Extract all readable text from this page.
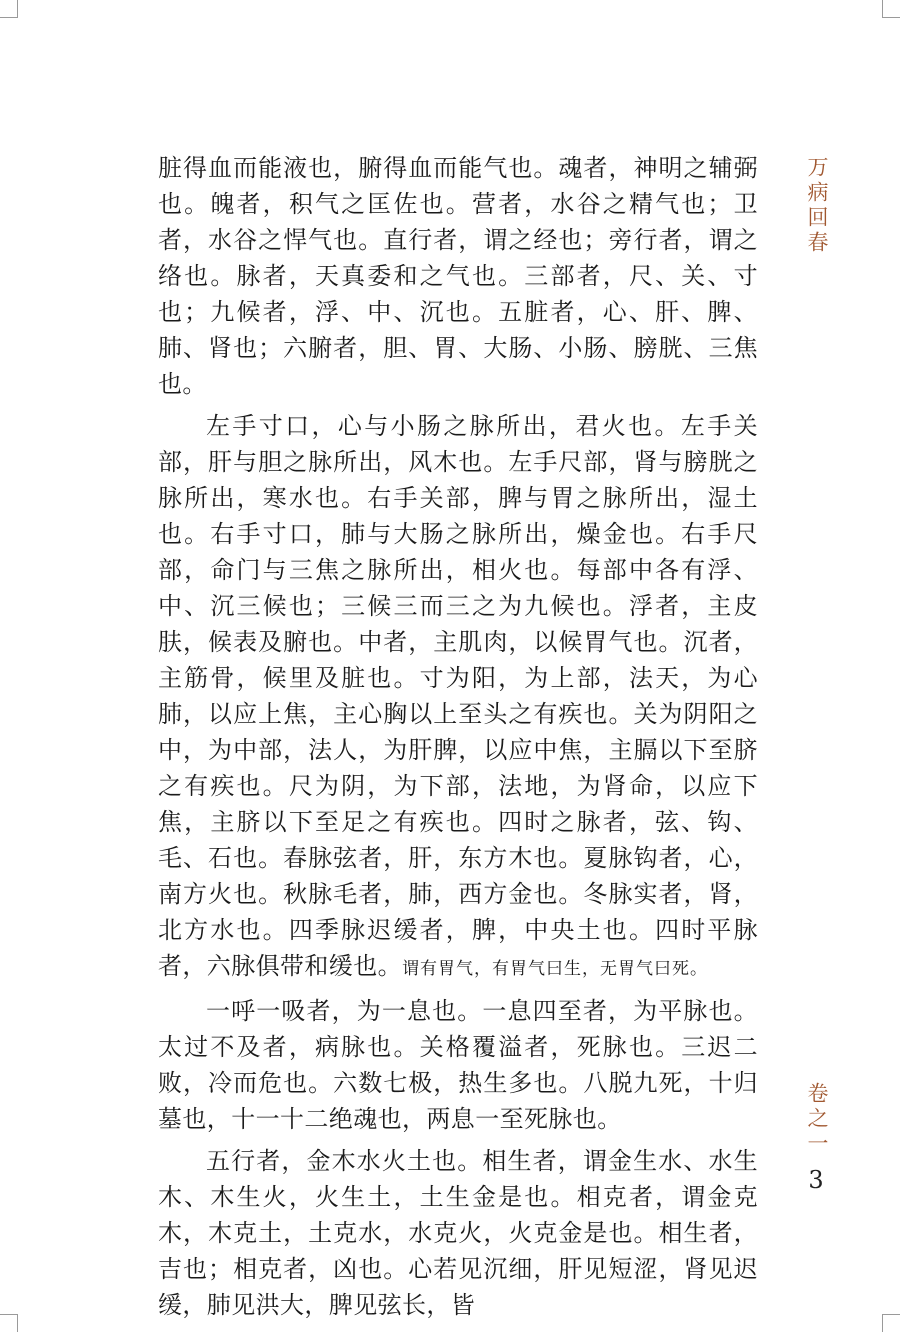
脏得血而能液也，腑得血而能气也。魂者，神明之辅弼也。魄者，积气之匡佐也。营者，水谷之精气也；卫者，水谷之悍气也。直行者，谓之经也；旁行者，谓之络也。脉者，天真委和之气也。三部者，尺、关、寸也；九候者，浮、中、沉也。五脏者，心、肝、脾、肺、肾也；六腑者，胆、胃、大肠、小肠、膀胱、三焦也。

左手寸口，心与小肠之脉所出，君火也。左手关部，肝与胆之脉所出，风木也。左手尺部，肾与膀胱之脉所出，寒水也。右手关部，脾与胃之脉所出，湿土也。右手寸口，肺与大肠之脉所出，燥金也。右手尺部，命门与三焦之脉所出，相火也。每部中各有浮、中、沉三候也；三候三而三之为九候也。浮者，主皮肤，候表及腑也。中者，主肌肉，以候胃气也。沉者，主筋骨，候里及脏也。寸为阳，为上部，法天，为心肺，以应上焦，主心胸以上至头之有疾也。关为阴阳之中，为中部，法人，为肝脾，以应中焦，主膈以下至脐之有疾也。尺为阴，为下部，法地，为肾命，以应下焦，主脐以下至足之有疾也。四时之脉者，弦、钩、毛、石也。春脉弦者，肝，东方木也。夏脉钩者，心，南方火也。秋脉毛者，肺，西方金也。冬脉实者，肾，北方水也。四季脉迟缓者，脾，中央土也。四时平脉者，六脉俱带和缓也。谓有胃气，有胃气曰生，无胃气曰死。

一呼一吸者，为一息也。一息四至者，为平脉也。太过不及者，病脉也。关格覆溢者，死脉也。三迟二败，冷而危也。六数七极，热生多也。八脱九死，十归墓也，十一十二绝魂也，两息一至死脉也。

五行者，金木水火土也。相生者，谓金生水、水生木、木生火，火生土，土生金是也。相克者，谓金克木，木克土，土克水，水克火，火克金是也。相生者，吉也；相克者，凶也。心若见沉细，肝见短涩，肾见迟缓，肺见洪大，脾见弦长，皆

万病回春
卷之一
3
